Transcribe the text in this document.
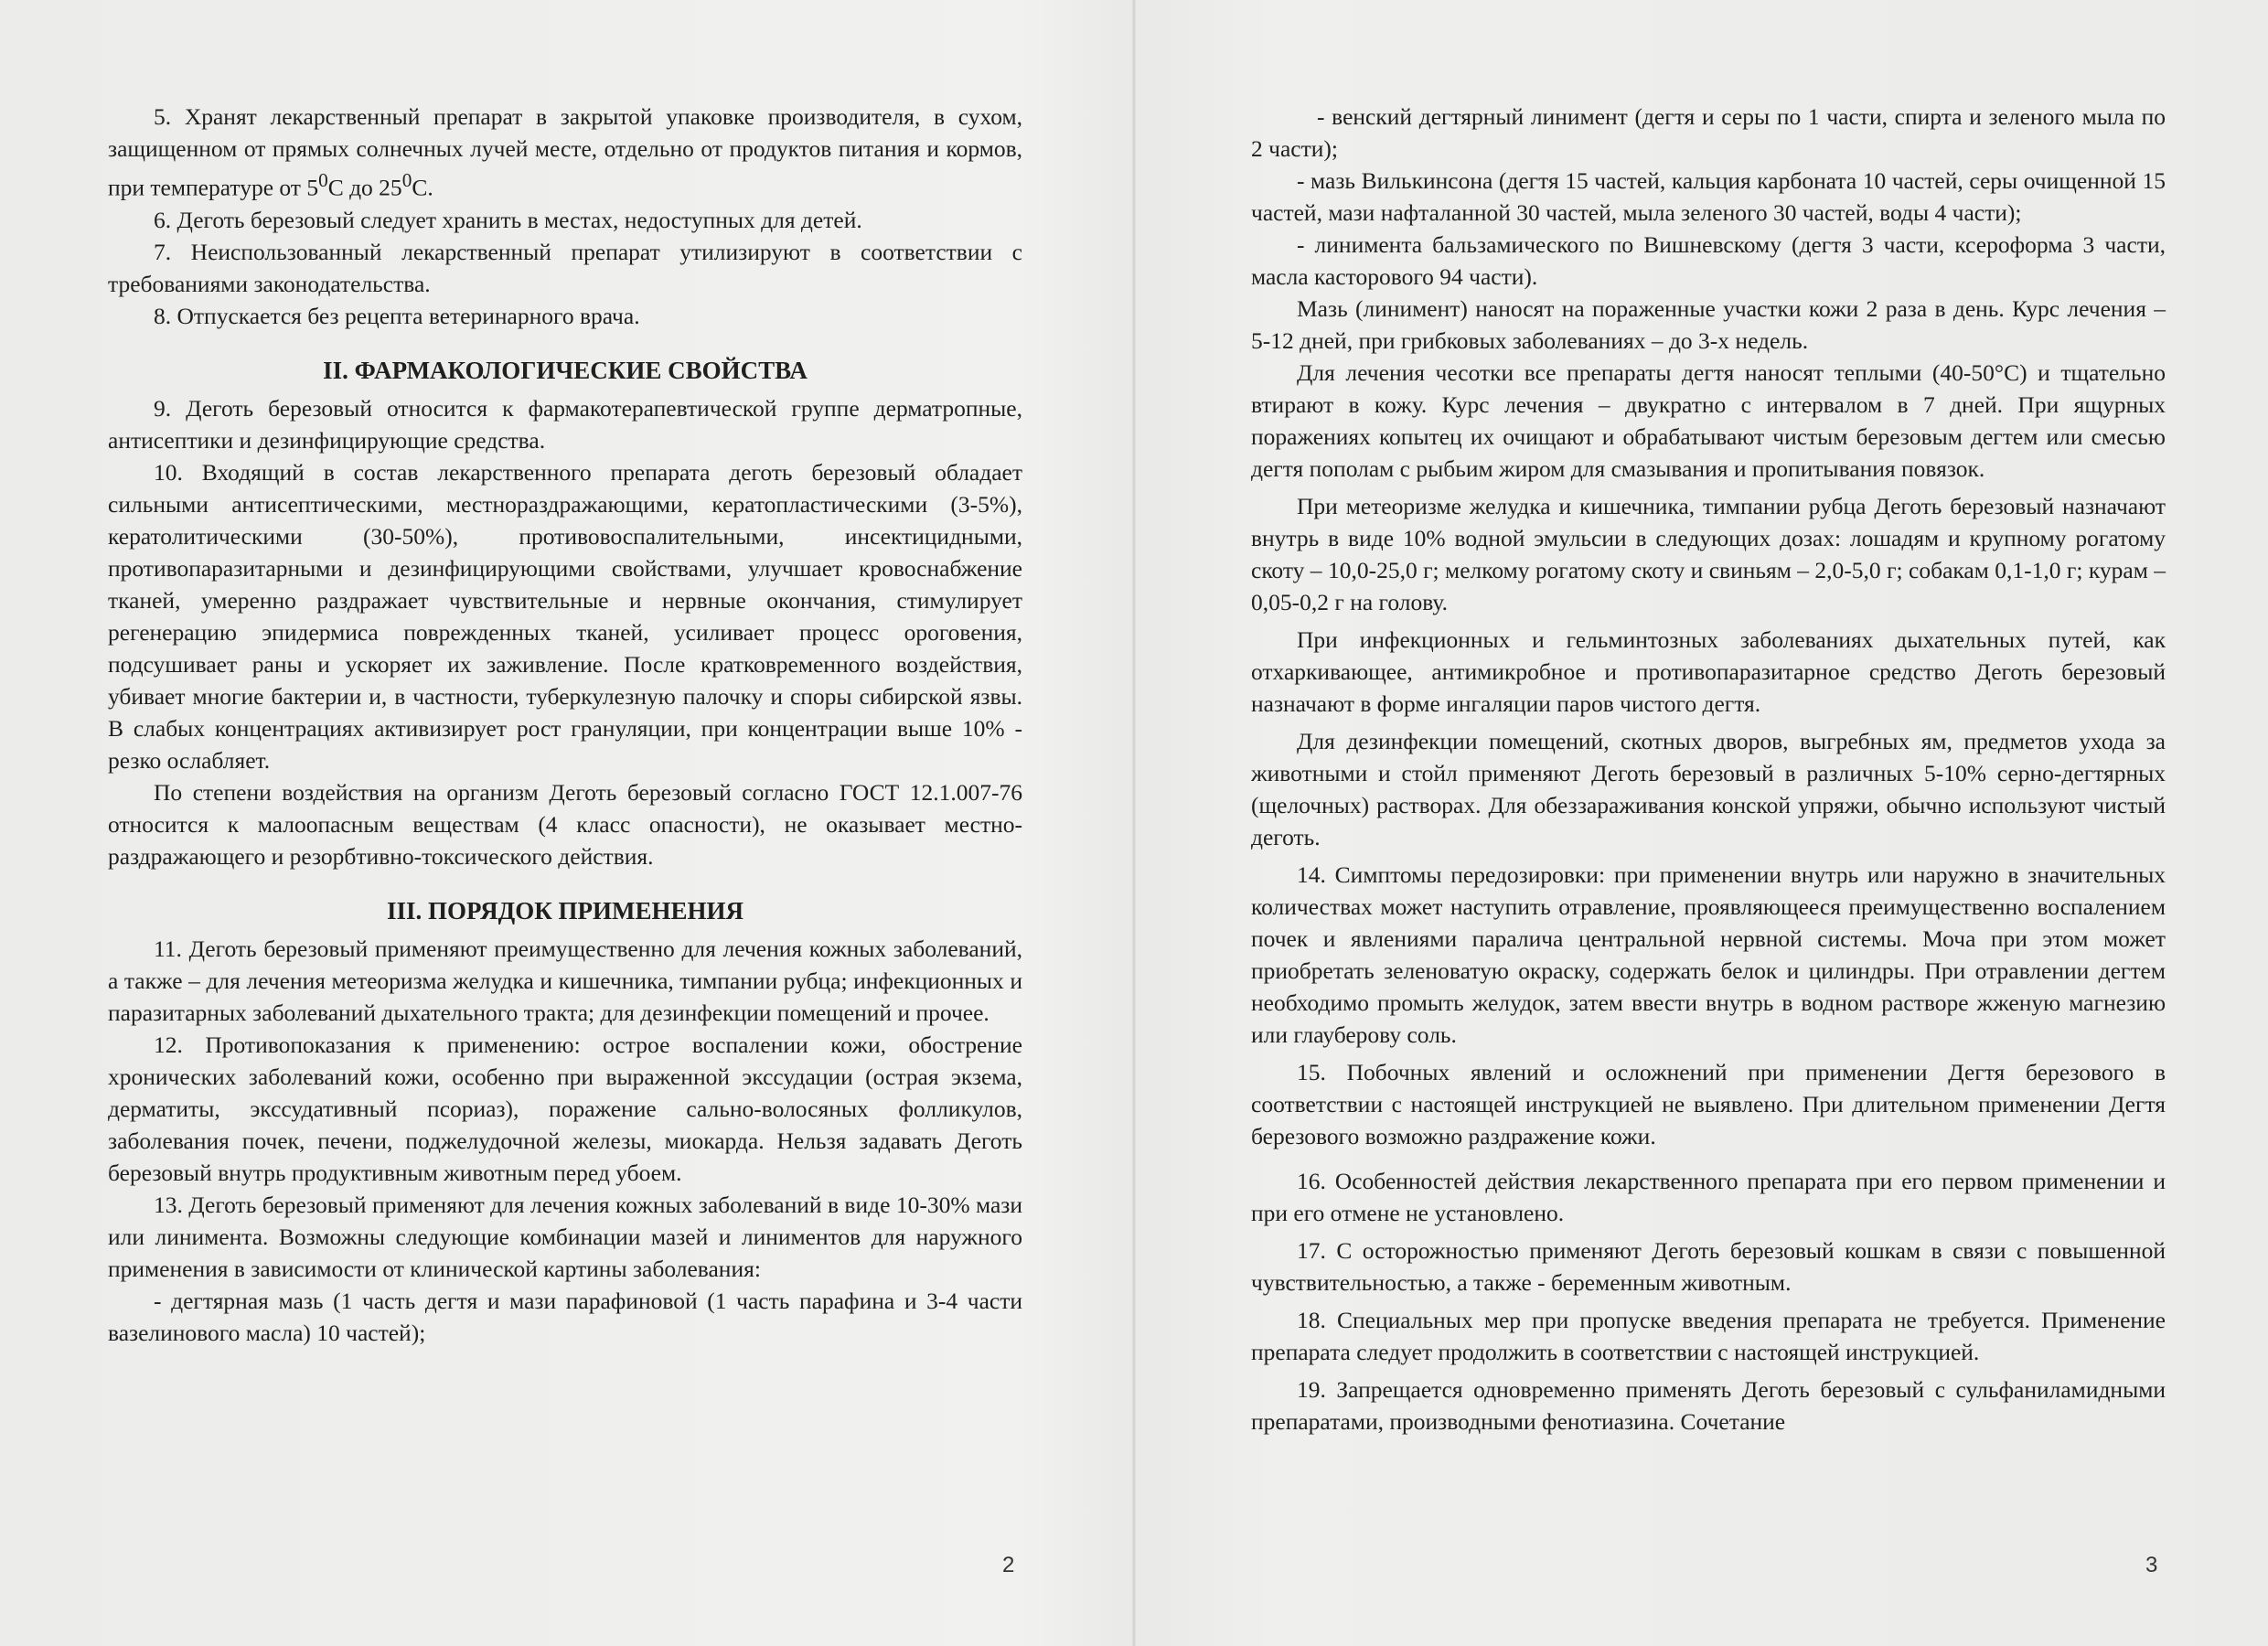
5. Хранят лекарственный препарат в закрытой упаковке производителя, в сухом, защищенном от прямых солнечных лучей месте, отдельно от продуктов питания и кормов, при температуре от $5^0С$ до $25^0С$.

6. Деготь березовый следует хранить в местах, недоступных для детей.

7. Неиспользованный лекарственный препарат утилизируют в соответствии с требованиями законодательства.

8. Отпускается без рецепта ветеринарного врача.

II. ФАРМАКОЛОГИЧЕСКИЕ СВОЙСТВА

9. Деготь березовый относится к фармакотерапевтической группе дерматропные, антисептики и дезинфицирующие средства.

10. Входящий в состав лекарственного препарата деготь березовый обладает сильными антисептическими, местнораздражающими, кератопластическими (3-5%), кератолитическими (30-50%), противовоспалительными, инсектицидными, противопаразитарными и дезинфицирующими свойствами, улучшает кровоснабжение тканей, умеренно раздражает чувствительные и нервные окончания, стимулирует регенерацию эпидермиса поврежденных тканей, усиливает процесс ороговения, подсушивает раны и ускоряет их заживление. После кратковременного воздействия, убивает многие бактерии и, в частности, туберкулезную палочку и споры сибирской язвы. В слабых концентрациях активизирует рост грануляции, при концентрации выше 10% - резко ослабляет.

По степени воздействия на организм Деготь березовый согласно ГОСТ 12.1.007-76 относится к малоопасным веществам (4 класс опасности), не оказывает местно-раздражающего и резорбтивно-токсического действия.

III. ПОРЯДОК ПРИМЕНЕНИЯ

11. Деготь березовый применяют преимущественно для лечения кожных заболеваний, а также – для лечения метеоризма желудка и кишечника, тимпании рубца; инфекционных и паразитарных заболеваний дыхательного тракта; для дезинфекции помещений и прочее.

12. Противопоказания к применению: острое воспалении кожи, обострение хронических заболеваний кожи, особенно при выраженной экссудации (острая экзема, дерматиты, экссудативный псориаз), поражение сально-волосяных фолликулов, заболевания почек, печени, поджелудочной железы, миокарда. Нельзя задавать Деготь березовый внутрь продуктивным животным перед убоем.

13. Деготь березовый применяют для лечения кожных заболеваний в виде 10-30% мази или линимента. Возможны следующие комбинации мазей и линиментов для наружного применения в зависимости от клинической картины заболевания:

- дегтярная мазь (1 часть дегтя и мази парафиновой (1 часть парафина и 3-4 части вазелинового масла) 10 частей);

- венский дегтярный линимент (дегтя и серы по 1 части, спирта и зеленого мыла по 2 части);

- мазь Вилькинсона (дегтя 15 частей, кальция карбоната 10 частей, серы очищенной 15 частей, мази нафталанной 30 частей, мыла зеленого 30 частей, воды 4 части);

- линимента бальзамического по Вишневскому (дегтя 3 части, ксероформа 3 части, масла касторового 94 части).

Мазь (линимент) наносят на пораженные участки кожи 2 раза в день. Курс лечения – 5-12 дней, при грибковых заболеваниях – до 3-х недель.

Для лечения чесотки все препараты дегтя наносят теплыми (40-50°С) и тщательно втирают в кожу. Курс лечения – двукратно с интервалом в 7 дней. При ящурных поражениях копытец их очищают и обрабатывают чистым березовым дегтем или смесью дегтя пополам с рыбьим жиром для смазывания и пропитывания повязок.

При метеоризме желудка и кишечника, тимпании рубца Деготь березовый назначают внутрь в виде 10% водной эмульсии в следующих дозах: лошадям и крупному рогатому скоту – 10,0-25,0 г; мелкому рогатому скоту и свиньям – 2,0-5,0 г; собакам 0,1-1,0 г; курам – 0,05-0,2 г на голову.

При инфекционных и гельминтозных заболеваниях дыхательных путей, как отхаркивающее, антимикробное и противопаразитарное средство Деготь березовый назначают в форме ингаляции паров чистого дегтя.

Для дезинфекции помещений, скотных дворов, выгребных ям, предметов ухода за животными и стойл применяют Деготь березовый в различных 5-10% серно-дегтярных (щелочных) растворах. Для обеззараживания конской упряжи, обычно используют чистый деготь.

14. Симптомы передозировки: при применении внутрь или наружно в значительных количествах может наступить отравление, проявляющееся преимущественно воспалением почек и явлениями паралича центральной нервной системы. Моча при этом может приобретать зеленоватую окраску, содержать белок и цилиндры. При отравлении дегтем необходимо промыть желудок, затем ввести внутрь в водном растворе жженую магнезию или глауберову соль.

15. Побочных явлений и осложнений при применении Дегтя березового в соответствии с настоящей инструкцией не выявлено. При длительном применении Дегтя березового возможно раздражение кожи.

16. Особенностей действия лекарственного препарата при его первом применении и при его отмене не установлено.

17. С осторожностью применяют Деготь березовый кошкам в связи с повышенной чувствительностью, а также - беременным животным.

18. Специальных мер при пропуске введения препарата не требуется. Применение препарата следует продолжить в соответствии с настоящей инструкцией.

19. Запрещается одновременно применять Деготь березовый с сульфаниламидными препаратами, производными фенотиазина. Сочетание

2	3
